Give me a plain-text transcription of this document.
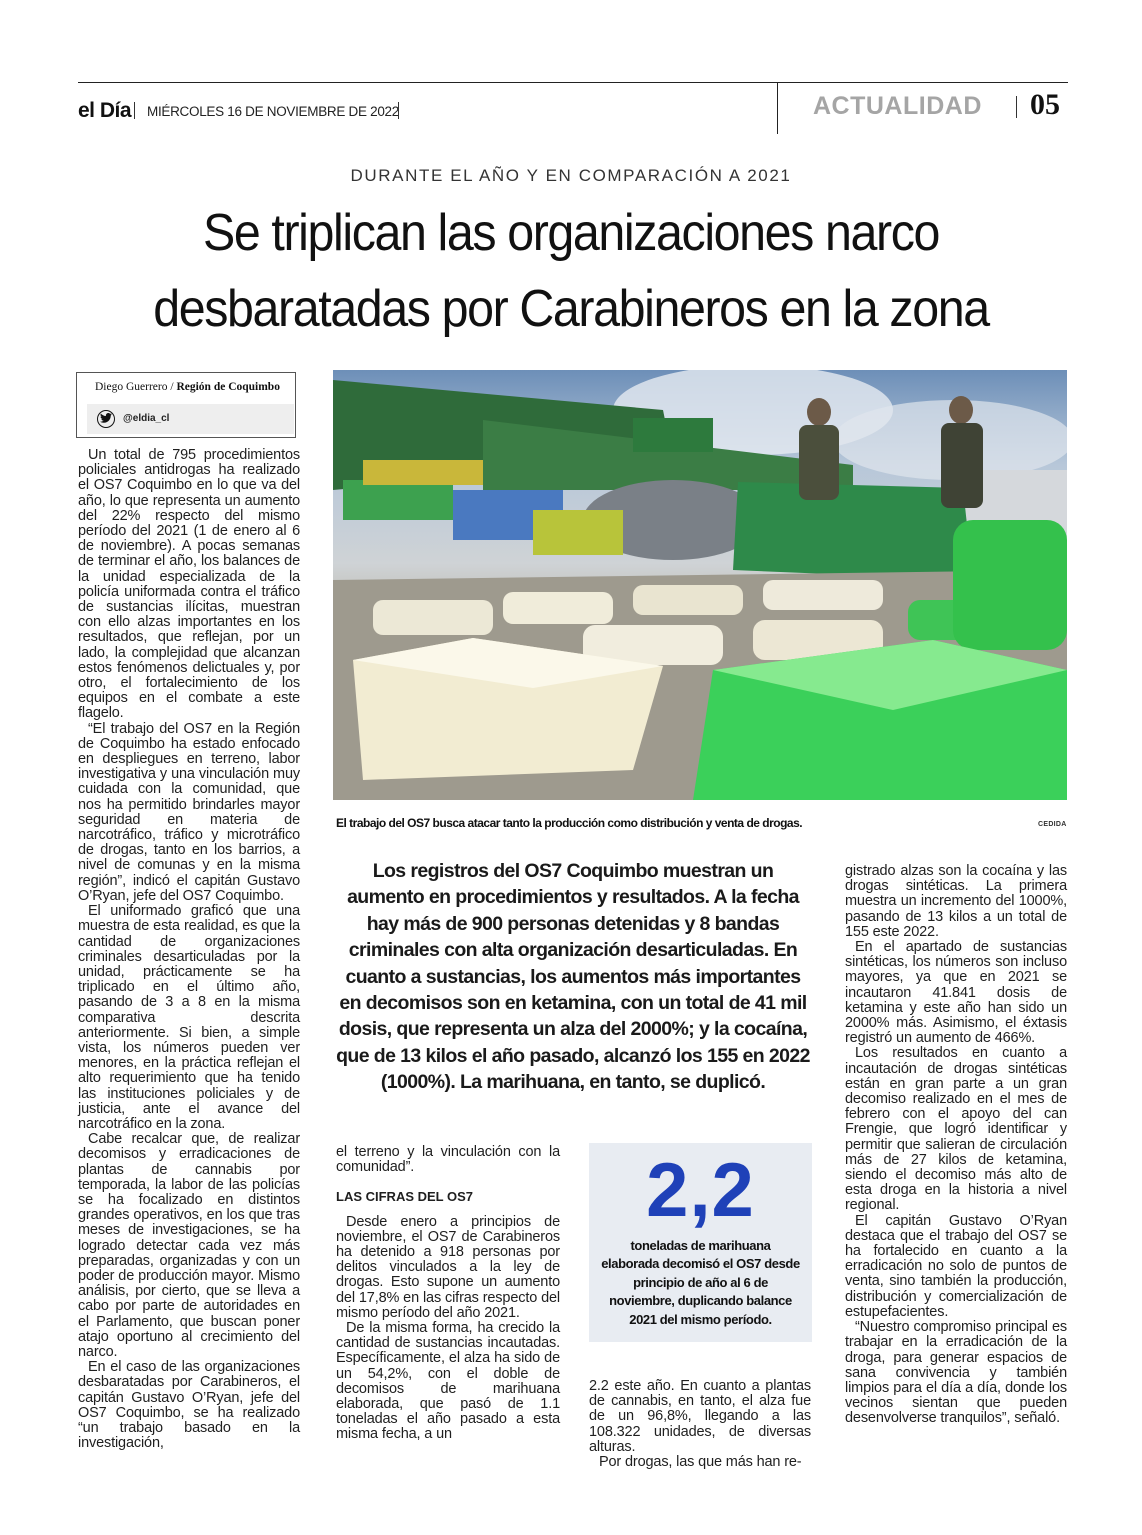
el Día MIÉRCOLES 16 DE NOVIEMBRE DE 2022	ACTUALIDAD 05
DURANTE EL AÑO Y EN COMPARACIÓN A 2021
Se triplican las organizaciones narco
desbaratadas por Carabineros en la zona
Diego Guerrero / Región de Coquimbo
@eldia_cl
El trabajo del OS7 busca atacar tanto la producción como distribución y venta de drogas.	CEDIDA

Un total de 795 procedimientos policiales antidrogas ha realizado el OS7 Coquimbo en lo que va del año, lo que representa un aumento del 22% respecto del mismo período del 2021 (1 de enero al 6 de noviembre). A pocas semanas de terminar el año, los balances de la unidad especializada de la policía uniformada contra el tráfico de sustancias ilícitas, muestran con ello alzas importantes en los resultados, que reflejan, por un lado, la complejidad que alcanzan estos fenómenos delictuales y, por otro, el fortalecimiento de los equipos en el combate a este flagelo.

“El trabajo del OS7 en la Región de Coquimbo ha estado enfocado en despliegues en terreno, labor investigativa y una vinculación muy cuidada con la comunidad, que nos ha permitido brindarles mayor seguridad en materia de narcotráfico, tráfico y microtráfico de drogas, tanto en los barrios, a nivel de comunas y en la misma región”, indicó el capitán Gustavo O’Ryan, jefe del OS7 Coquimbo.

El uniformado graficó que una muestra de esta realidad, es que la cantidad de organizaciones criminales desarticuladas por la unidad, prácticamente se ha triplicado en el último año, pasando de 3 a 8 en la misma comparativa descrita anteriormente. Si bien, a simple vista, los números pueden ver menores, en la práctica reflejan el alto requerimiento que ha tenido las instituciones policiales y de justicia, ante el avance del narcotráfico en la zona.

Cabe recalcar que, de realizar decomisos y erradicaciones de plantas de cannabis por temporada, la labor de las policías se ha focalizado en distintos grandes operativos, en los que tras meses de investigaciones, se ha logrado detectar cada vez más preparadas, organizadas y con un poder de producción mayor. Mismo análisis, por cierto, que se lleva a cabo por parte de autoridades en el Parlamento, que buscan poner atajo oportuno al crecimiento del narco.

En el caso de las organizaciones desbaratadas por Carabineros, el capitán Gustavo O’Ryan, jefe del OS7 Coquimbo, se ha realizado “un trabajo basado en la investigación,

Los registros del OS7 Coquimbo muestran un aumento en procedimientos y resultados. A la fecha hay más de 900 personas detenidas y 8 bandas criminales con alta organización desarticuladas. En cuanto a sustancias, los aumentos más importantes en decomisos son en ketamina, con un total de 41 mil dosis, que representa un alza del 2000%; y la cocaína, que de 13 kilos el año pasado, alcanzó los 155 en 2022 (1000%). La marihuana, en tanto, se duplicó.

el terreno y la vinculación con la comunidad”.

LAS CIFRAS DEL OS7

Desde enero a principios de noviembre, el OS7 de Carabineros ha detenido a 918 personas por delitos vinculados a la ley de drogas. Esto supone un aumento del 17,8% en las cifras respecto del mismo período del año 2021.

De la misma forma, ha crecido la cantidad de sustancias incautadas. Específicamente, el alza ha sido de un 54,2%, con el doble de decomisos de marihuana elaborada, que pasó de 1.1 toneladas el año pasado a esta misma fecha, a un

2,2
toneladas de marihuana elaborada decomisó el OS7 desde principio de año al 6 de noviembre, duplicando balance 2021 del mismo período.

2.2 este año. En cuanto a plantas de cannabis, en tanto, el alza fue de un 96,8%, llegando a las 108.322 unidades, de diversas alturas.

Por drogas, las que más han re-

gistrado alzas son la cocaína y las drogas sintéticas. La primera muestra un incremento del 1000%, pasando de 13 kilos a un total de 155 este 2022.

En el apartado de sustancias sintéticas, los números son incluso mayores, ya que en 2021 se incautaron 41.841 dosis de ketamina y este año han sido un 2000% más. Asimismo, el éxtasis registró un aumento de 466%.

Los resultados en cuanto a incautación de drogas sintéticas están en gran parte a un gran decomiso realizado en el mes de febrero con el apoyo del can Frengie, que logró identificar y permitir que salieran de circulación más de 27 kilos de ketamina, siendo el decomiso más alto de esta droga en la historia a nivel regional.

El capitán Gustavo O’Ryan destaca que el trabajo del OS7 se ha fortalecido en cuanto a la erradicación no solo de puntos de venta, sino también la producción, distribución y comercialización de estupefacientes.

“Nuestro compromiso principal es trabajar en la erradicación de la droga, para generar espacios de sana convivencia y también limpios para el día a día, donde los vecinos sientan que pueden desenvolverse tranquilos”, señaló.
